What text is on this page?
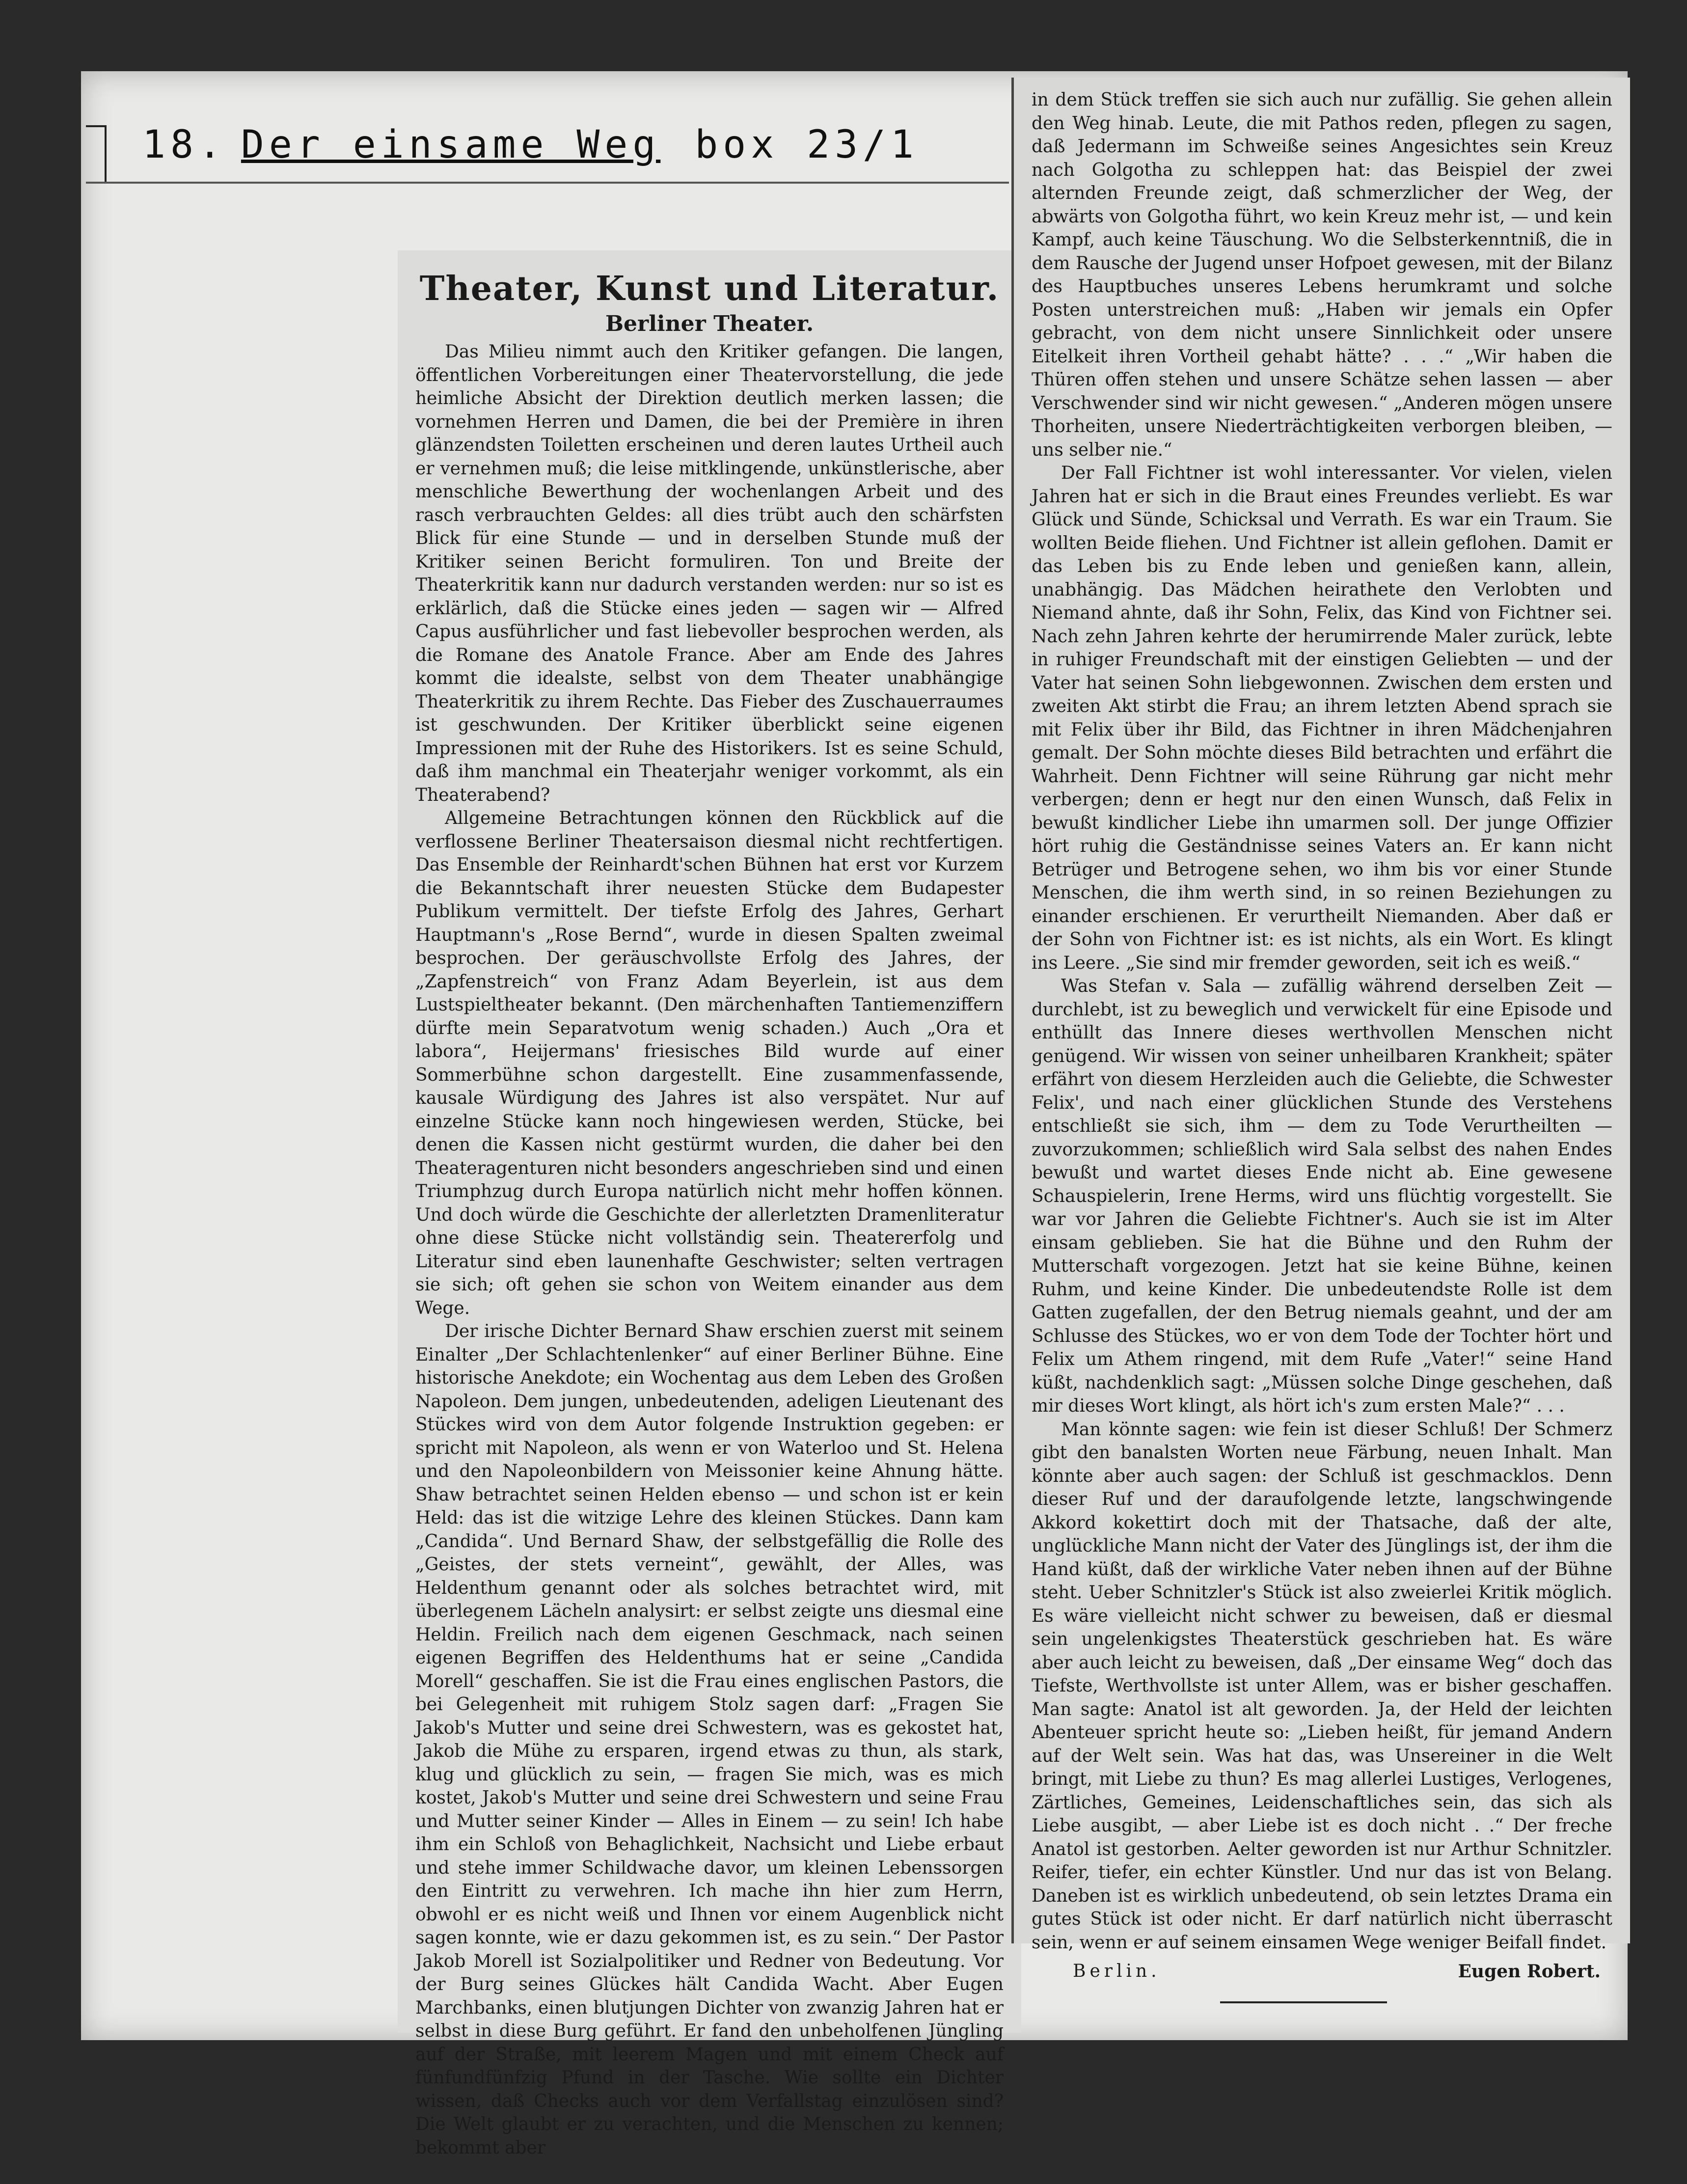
18. Der einsame Weg box 23/1
Theater, Kunst und Literatur.
Berliner Theater.

Das Milieu nimmt auch den Kritiker gefangen. Die langen, öffentlichen Vorbereitungen einer Theatervorstellung, die jede heimliche Absicht der Direktion deutlich merken lassen; die vornehmen Herren und Damen, die bei der Première in ihren glänzendsten Toiletten erscheinen und deren lautes Urtheil auch er vernehmen muß; die leise mitklingende, unkünstlerische, aber menschliche Bewerthung der wochenlangen Arbeit und des rasch verbrauchten Geldes: all dies trübt auch den schärfsten Blick für eine Stunde — und in derselben Stunde muß der Kritiker seinen Bericht formuliren. Ton und Breite der Theaterkritik kann nur dadurch verstanden werden: nur so ist es erklärlich, daß die Stücke eines jeden — sagen wir — Alfred Capus ausführlicher und fast liebevoller besprochen werden, als die Romane des Anatole France. Aber am Ende des Jahres kommt die idealste, selbst von dem Theater unabhängige Theaterkritik zu ihrem Rechte. Das Fieber des Zuschauerraumes ist geschwunden. Der Kritiker überblickt seine eigenen Impressionen mit der Ruhe des Historikers. Ist es seine Schuld, daß ihm manchmal ein Theaterjahr weniger vorkommt, als ein Theaterabend?

Allgemeine Betrachtungen können den Rückblick auf die verflossene Berliner Theatersaison diesmal nicht rechtfertigen. Das Ensemble der Reinhardt'schen Bühnen hat erst vor Kurzem die Bekanntschaft ihrer neuesten Stücke dem Budapester Publikum vermittelt. Der tiefste Erfolg des Jahres, Gerhart Hauptmann's „Rose Bernd“, wurde in diesen Spalten zweimal besprochen. Der geräuschvollste Erfolg des Jahres, der „Zapfenstreich“ von Franz Adam Beyerlein, ist aus dem Lustspieltheater bekannt. (Den märchenhaften Tantiemenziffern dürfte mein Separatvotum wenig schaden.) Auch „Ora et labora“, Heijermans' friesisches Bild wurde auf einer Sommerbühne schon dargestellt. Eine zusammenfassende, kausale Würdigung des Jahres ist also verspätet. Nur auf einzelne Stücke kann noch hingewiesen werden, Stücke, bei denen die Kassen nicht gestürmt wurden, die daher bei den Theateragenturen nicht besonders angeschrieben sind und einen Triumphzug durch Europa natürlich nicht mehr hoffen können. Und doch würde die Geschichte der allerletzten Dramenliteratur ohne diese Stücke nicht vollständig sein. Theatererfolg und Literatur sind eben launenhafte Geschwister; selten vertragen sie sich; oft gehen sie schon von Weitem einander aus dem Wege.

Der irische Dichter Bernard Shaw erschien zuerst mit seinem Einalter „Der Schlachtenlenker“ auf einer Berliner Bühne. Eine historische Anekdote; ein Wochentag aus dem Leben des Großen Napoleon. Dem jungen, unbedeutenden, adeligen Lieutenant des Stückes wird von dem Autor folgende Instruktion gegeben: er spricht mit Napoleon, als wenn er von Waterloo und St. Helena und den Napoleonbildern von Meissonier keine Ahnung hätte. Shaw betrachtet seinen Helden ebenso — und schon ist er kein Held: das ist die witzige Lehre des kleinen Stückes. Dann kam „Candida“. Und Bernard Shaw, der selbstgefällig die Rolle des „Geistes, der stets verneint“, gewählt, der Alles, was Heldenthum genannt oder als solches betrachtet wird, mit überlegenem Lächeln analysirt: er selbst zeigte uns diesmal eine Heldin. Freilich nach dem eigenen Geschmack, nach seinen eigenen Begriffen des Heldenthums hat er seine „Candida Morell“ geschaffen. Sie ist die Frau eines englischen Pastors, die bei Gelegenheit mit ruhigem Stolz sagen darf: „Fragen Sie Jakob's Mutter und seine drei Schwestern, was es gekostet hat, Jakob die Mühe zu ersparen, irgend etwas zu thun, als stark, klug und glücklich zu sein, — fragen Sie mich, was es mich kostet, Jakob's Mutter und seine drei Schwestern und seine Frau und Mutter seiner Kinder — Alles in Einem — zu sein! Ich habe ihm ein Schloß von Behaglichkeit, Nachsicht und Liebe erbaut und stehe immer Schildwache davor, um kleinen Lebenssorgen den Eintritt zu verwehren. Ich mache ihn hier zum Herrn, obwohl er es nicht weiß und Ihnen vor einem Augenblick nicht sagen konnte, wie er dazu gekommen ist, es zu sein.“ Der Pastor Jakob Morell ist Sozialpolitiker und Redner von Bedeutung. Vor der Burg seines Glückes hält Candida Wacht. Aber Eugen Marchbanks, einen blutjungen Dichter von zwanzig Jahren hat er selbst in diese Burg geführt. Er fand den unbeholfenen Jüngling auf der Straße, mit leerem Magen und mit einem Check auf fünfundfünfzig Pfund in der Tasche. Wie sollte ein Dichter wissen, daß Checks auch vor dem Verfallstag einzulösen sind? Die Welt glaubt er zu verachten, und die Menschen zu kennen; bekommt aber

in dem Stück treffen sie sich auch nur zufällig. Sie gehen allein den Weg hinab. Leute, die mit Pathos reden, pflegen zu sagen, daß Jedermann im Schweiße seines Angesichtes sein Kreuz nach Golgotha zu schleppen hat: das Beispiel der zwei alternden Freunde zeigt, daß schmerzlicher der Weg, der abwärts von Golgotha führt, wo kein Kreuz mehr ist, — und kein Kampf, auch keine Täuschung. Wo die Selbsterkenntniß, die in dem Rausche der Jugend unser Hofpoet gewesen, mit der Bilanz des Hauptbuches unseres Lebens herumkramt und solche Posten unterstreichen muß: „Haben wir jemals ein Opfer gebracht, von dem nicht unsere Sinnlichkeit oder unsere Eitelkeit ihren Vortheil gehabt hätte? . . .“ „Wir haben die Thüren offen stehen und unsere Schätze sehen lassen — aber Verschwender sind wir nicht gewesen.“ „Anderen mögen unsere Thorheiten, unsere Niederträchtigkeiten verborgen bleiben, — uns selber nie.“

Der Fall Fichtner ist wohl interessanter. Vor vielen, vielen Jahren hat er sich in die Braut eines Freundes verliebt. Es war Glück und Sünde, Schicksal und Verrath. Es war ein Traum. Sie wollten Beide fliehen. Und Fichtner ist allein geflohen. Damit er das Leben bis zu Ende leben und genießen kann, allein, unabhängig. Das Mädchen heirathete den Verlobten und Niemand ahnte, daß ihr Sohn, Felix, das Kind von Fichtner sei. Nach zehn Jahren kehrte der herumirrende Maler zurück, lebte in ruhiger Freundschaft mit der einstigen Geliebten — und der Vater hat seinen Sohn liebgewonnen. Zwischen dem ersten und zweiten Akt stirbt die Frau; an ihrem letzten Abend sprach sie mit Felix über ihr Bild, das Fichtner in ihren Mädchenjahren gemalt. Der Sohn möchte dieses Bild betrachten und erfährt die Wahrheit. Denn Fichtner will seine Rührung gar nicht mehr verbergen; denn er hegt nur den einen Wunsch, daß Felix in bewußt kindlicher Liebe ihn umarmen soll. Der junge Offizier hört ruhig die Geständnisse seines Vaters an. Er kann nicht Betrüger und Betrogene sehen, wo ihm bis vor einer Stunde Menschen, die ihm werth sind, in so reinen Beziehungen zu einander erschienen. Er verurtheilt Niemanden. Aber daß er der Sohn von Fichtner ist: es ist nichts, als ein Wort. Es klingt ins Leere. „Sie sind mir fremder geworden, seit ich es weiß.“

Was Stefan v. Sala — zufällig während derselben Zeit — durchlebt, ist zu beweglich und verwickelt für eine Episode und enthüllt das Innere dieses werthvollen Menschen nicht genügend. Wir wissen von seiner unheilbaren Krankheit; später erfährt von diesem Herzleiden auch die Geliebte, die Schwester Felix', und nach einer glücklichen Stunde des Verstehens entschließt sie sich, ihm — dem zu Tode Verurtheilten — zuvorzukommen; schließlich wird Sala selbst des nahen Endes bewußt und wartet dieses Ende nicht ab. Eine gewesene Schauspielerin, Irene Herms, wird uns flüchtig vorgestellt. Sie war vor Jahren die Geliebte Fichtner's. Auch sie ist im Alter einsam geblieben. Sie hat die Bühne und den Ruhm der Mutterschaft vorgezogen. Jetzt hat sie keine Bühne, keinen Ruhm, und keine Kinder. Die unbedeutendste Rolle ist dem Gatten zugefallen, der den Betrug niemals geahnt, und der am Schlusse des Stückes, wo er von dem Tode der Tochter hört und Felix um Athem ringend, mit dem Rufe „Vater!“ seine Hand küßt, nachdenklich sagt: „Müssen solche Dinge geschehen, daß mir dieses Wort klingt, als hört ich's zum ersten Male?“ . . .

Man könnte sagen: wie fein ist dieser Schluß! Der Schmerz gibt den banalsten Worten neue Färbung, neuen Inhalt. Man könnte aber auch sagen: der Schluß ist geschmacklos. Denn dieser Ruf und der daraufolgende letzte, langschwingende Akkord kokettirt doch mit der Thatsache, daß der alte, unglückliche Mann nicht der Vater des Jünglings ist, der ihm die Hand küßt, daß der wirkliche Vater neben ihnen auf der Bühne steht. Ueber Schnitzler's Stück ist also zweierlei Kritik möglich. Es wäre vielleicht nicht schwer zu beweisen, daß er diesmal sein ungelenkigstes Theaterstück geschrieben hat. Es wäre aber auch leicht zu beweisen, daß „Der einsame Weg“ doch das Tiefste, Werthvollste ist unter Allem, was er bisher geschaffen. Man sagte: Anatol ist alt geworden. Ja, der Held der leichten Abenteuer spricht heute so: „Lieben heißt, für jemand Andern auf der Welt sein. Was hat das, was Unsereiner in die Welt bringt, mit Liebe zu thun? Es mag allerlei Lustiges, Verlogenes, Zärtliches, Gemeines, Leidenschaftliches sein, das sich als Liebe ausgibt, — aber Liebe ist es doch nicht . .“ Der freche Anatol ist gestorben. Aelter geworden ist nur Arthur Schnitzler. Reifer, tiefer, ein echter Künstler. Und nur das ist von Belang. Daneben ist es wirklich unbedeutend, ob sein letztes Drama ein gutes Stück ist oder nicht. Er darf natürlich nicht überrascht sein, wenn er auf seinem einsamen Wege weniger Beifall findet.

Berlin.	Eugen Robert.
